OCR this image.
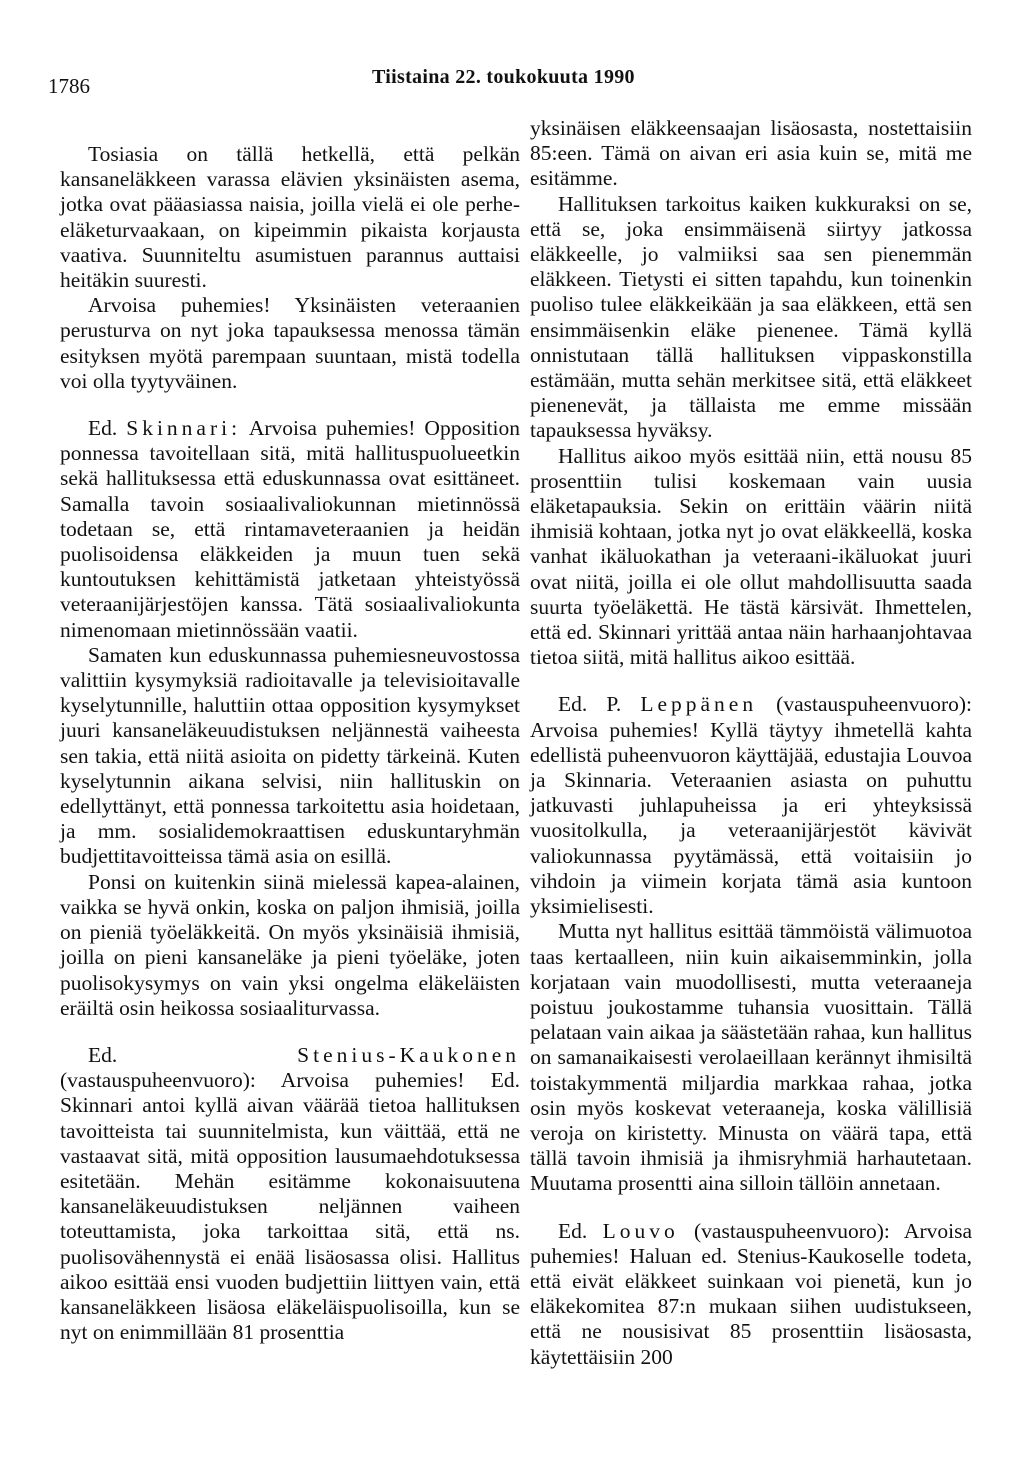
1786	Tiistaina 22. toukokuuta 1990

Tosiasia on tällä hetkellä, että pelkän kansaneläkkeen varassa elävien yksinäisten asema, jotka ovat pääasiassa naisia, joilla vielä ei ole perhe-eläketurvaakaan, on kipeimmin pikaista korjausta vaativa. Suunniteltu asumistuen parannus auttaisi heitäkin suuresti.

Arvoisa puhemies! Yksinäisten veteraanien perusturva on nyt joka tapauksessa menossa tämän esityksen myötä parempaan suuntaan, mistä todella voi olla tyytyväinen.

Ed. Skinnari: Arvoisa puhemies! Opposition ponnessa tavoitellaan sitä, mitä hallituspuolueetkin sekä hallituksessa että eduskunnassa ovat esittäneet. Samalla tavoin sosiaalivaliokunnan mietinnössä todetaan se, että rintamaveteraanien ja heidän puolisoidensa eläkkeiden ja muun tuen sekä kuntoutuksen kehittämistä jatketaan yhteistyössä veteraanijärjestöjen kanssa. Tätä sosiaalivaliokunta nimenomaan mietinnössään vaatii.

Samaten kun eduskunnassa puhemiesneuvostossa valittiin kysymyksiä radioitavalle ja televisioitavalle kyselytunnille, haluttiin ottaa opposition kysymykset juuri kansaneläkeuudistuksen neljännestä vaiheesta sen takia, että niitä asioita on pidetty tärkeinä. Kuten kyselytunnin aikana selvisi, niin hallituskin on edellyttänyt, että ponnessa tarkoitettu asia hoidetaan, ja mm. sosialidemokraattisen eduskuntaryhmän budjettitavoitteissa tämä asia on esillä.

Ponsi on kuitenkin siinä mielessä kapea-alainen, vaikka se hyvä onkin, koska on paljon ihmisiä, joilla on pieniä työeläkkeitä. On myös yksinäisiä ihmisiä, joilla on pieni kansaneläke ja pieni työeläke, joten puolisokysymys on vain yksi ongelma eläkeläisten eräiltä osin heikossa sosiaaliturvassa.

Ed.	Stenius-Kaukonen (vastauspuheenvuoro): Arvoisa puhemies! Ed. Skinnari antoi kyllä aivan väärää tietoa hallituksen tavoitteista tai suunnitelmista, kun väittää, että ne vastaavat sitä, mitä opposition lausumaehdotuksessa esitetään. Mehän esitämme kokonaisuutena kansaneläkeuudistuksen neljännen vaiheen toteuttamista, joka tarkoittaa sitä, että ns. puolisovähennystä ei enää lisäosassa olisi. Hallitus aikoo esittää ensi vuoden budjettiin liittyen vain, että kansaneläkkeen lisäosa eläkeläispuolisoilla, kun se nyt on enimmillään 81 prosenttia

yksinäisen eläkkeensaajan lisäosasta, nostettaisiin 85:een. Tämä on aivan eri asia kuin se, mitä me esitämme.

Hallituksen tarkoitus kaiken kukkuraksi on se, että se, joka ensimmäisenä siirtyy jatkossa eläkkeelle, jo valmiiksi saa sen pienemmän eläkkeen. Tietysti ei sitten tapahdu, kun toinenkin puoliso tulee eläkkeikään ja saa eläkkeen, että sen ensimmäisenkin eläke pienenee. Tämä kyllä onnistutaan tällä hallituksen vippaskonstilla estämään, mutta sehän merkitsee sitä, että eläkkeet pienenevät, ja tällaista me emme missään tapauksessa hyväksy.

Hallitus aikoo myös esittää niin, että nousu 85 prosenttiin tulisi koskemaan vain uusia eläketapauksia. Sekin on erittäin väärin niitä ihmisiä kohtaan, jotka nyt jo ovat eläkkeellä, koska vanhat ikäluokathan ja veteraani-ikäluokat juuri ovat niitä, joilla ei ole ollut mahdollisuutta saada suurta työeläkettä. He tästä kärsivät. Ihmettelen, että ed. Skinnari yrittää antaa näin harhaanjohtavaa tietoa siitä, mitä hallitus aikoo esittää.

Ed. P. Leppänen (vastauspuheenvuoro): Arvoisa puhemies! Kyllä täytyy ihmetellä kahta edellistä puheenvuoron käyttäjää, edustajia Louvoa ja Skinnaria. Veteraanien asiasta on puhuttu jatkuvasti juhlapuheissa ja eri yhteyksissä vuositolkulla, ja veteraanijärjestöt kävivät valiokunnassa pyytämässä, että voitaisiin jo vihdoin ja viimein korjata tämä asia kuntoon yksimielisesti.

Mutta nyt hallitus esittää tämmöistä välimuotoa taas kertaalleen, niin kuin aikaisemminkin, jolla korjataan vain muodollisesti, mutta veteraaneja poistuu joukostamme tuhansia vuosittain. Tällä pelataan vain aikaa ja säästetään rahaa, kun hallitus on samanaikaisesti verolaeillaan kerännyt ihmisiltä toistakymmentä miljardia markkaa rahaa, jotka osin myös koskevat veteraaneja, koska välillisiä veroja on kiristetty. Minusta on väärä tapa, että tällä tavoin ihmisiä ja ihmisryhmiä harhautetaan. Muutama prosentti aina silloin tällöin annetaan.

Ed. Louvo (vastauspuheenvuoro): Arvoisa puhemies! Haluan ed. Stenius-Kaukoselle todeta, että eivät eläkkeet suinkaan voi pienetä, kun jo eläkekomitea 87:n mukaan siihen uudistukseen, että ne nousisivat 85 prosenttiin lisäosasta, käytettäisiin 200
